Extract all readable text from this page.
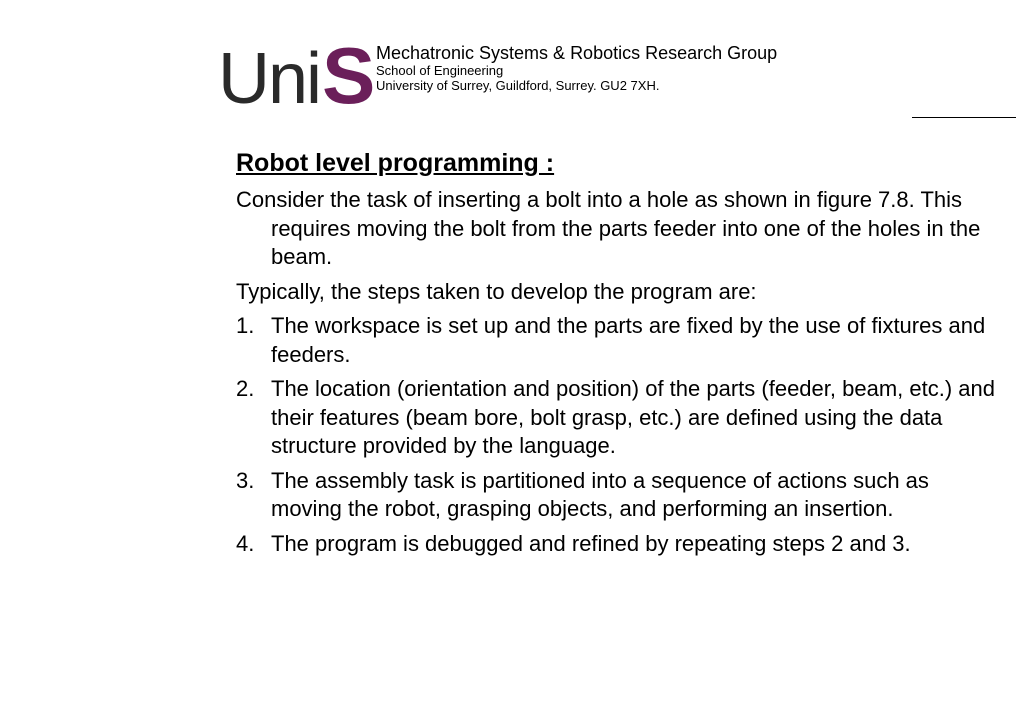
Uni S Mechatronic Systems & Robotics Research Group
School of Engineering
University of Surrey, Guildford, Surrey. GU2 7XH.
Robot level programming :
Consider the task of inserting a bolt into a hole as shown in figure 7.8. This requires moving the bolt from the parts feeder into one of the holes in the beam.
Typically, the steps taken to develop the program are:
1. The workspace is set up and the parts are fixed by the use of fixtures and feeders.
2. The location (orientation and position) of the parts (feeder, beam, etc.) and their features (beam bore, bolt grasp, etc.) are defined using the data structure provided by the language.
3. The assembly task is partitioned into a sequence of actions such as moving the robot, grasping objects, and performing an insertion.
4. The program is debugged and refined by repeating steps 2 and 3.
